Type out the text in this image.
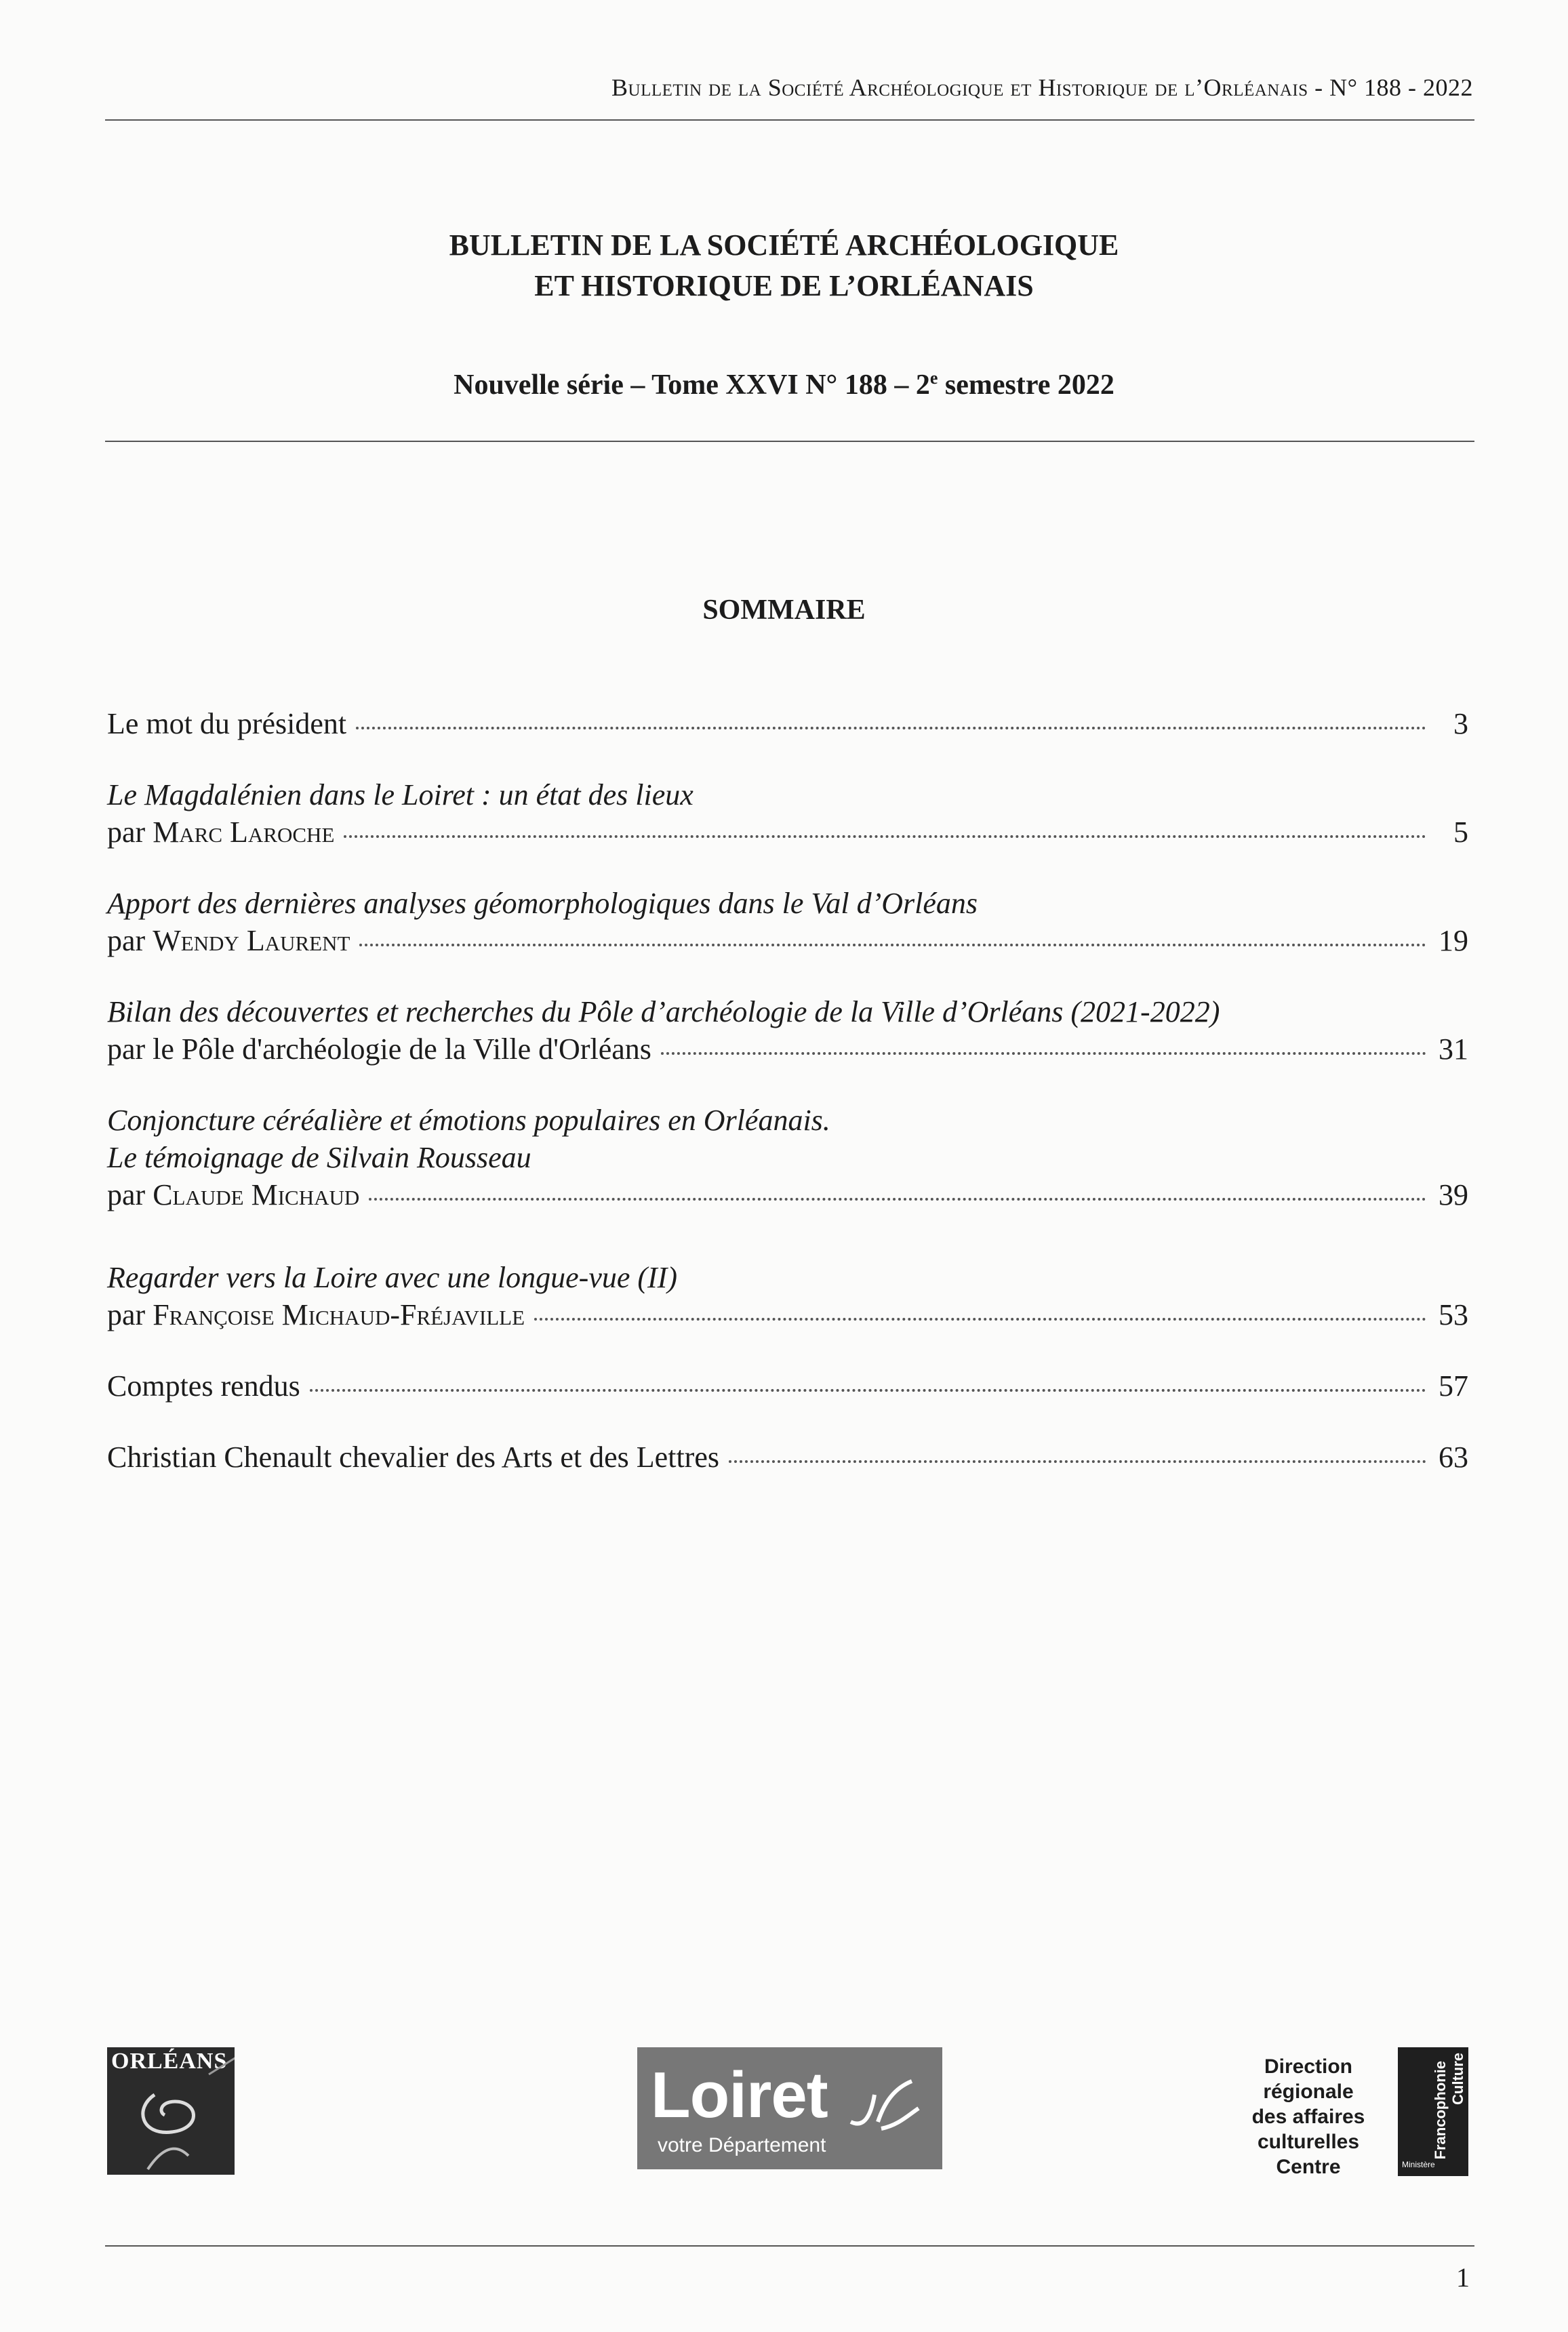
Bulletin de la Société Archéologique et Historique de l’Orléanais - N° 188 - 2022
BULLETIN DE LA SOCIÉTÉ ARCHÉOLOGIQUE
ET HISTORIQUE DE L’ORLÉANAIS
Nouvelle série – Tome XXVI N° 188 – 2e semestre 2022
SOMMAIRE
Le mot du président	3
Le Magdalénien dans le Loiret : un état des lieux
par Marc Laroche	5
Apport des dernières analyses géomorphologiques dans le Val d’Orléans
par Wendy Laurent	19
Bilan des découvertes et recherches du Pôle d’archéologie de la Ville d’Orléans (2021-2022)
par le Pôle d'archéologie de la Ville d'Orléans	31
Conjoncture céréalière et émotions populaires en Orléanais.
Le témoignage de Silvain Rousseau
par Claude Michaud	39
Regarder vers la Loire avec une longue-vue (II)
par Françoise Michaud-Fréjaville	53
Comptes rendus	57
Christian Chenault chevalier des Arts et des Lettres	63
ORLÉANS	Loiret
votre Département
Direction
régionale
des affaires
culturelles
Centre
Culture
Francophonie
Ministère
1
